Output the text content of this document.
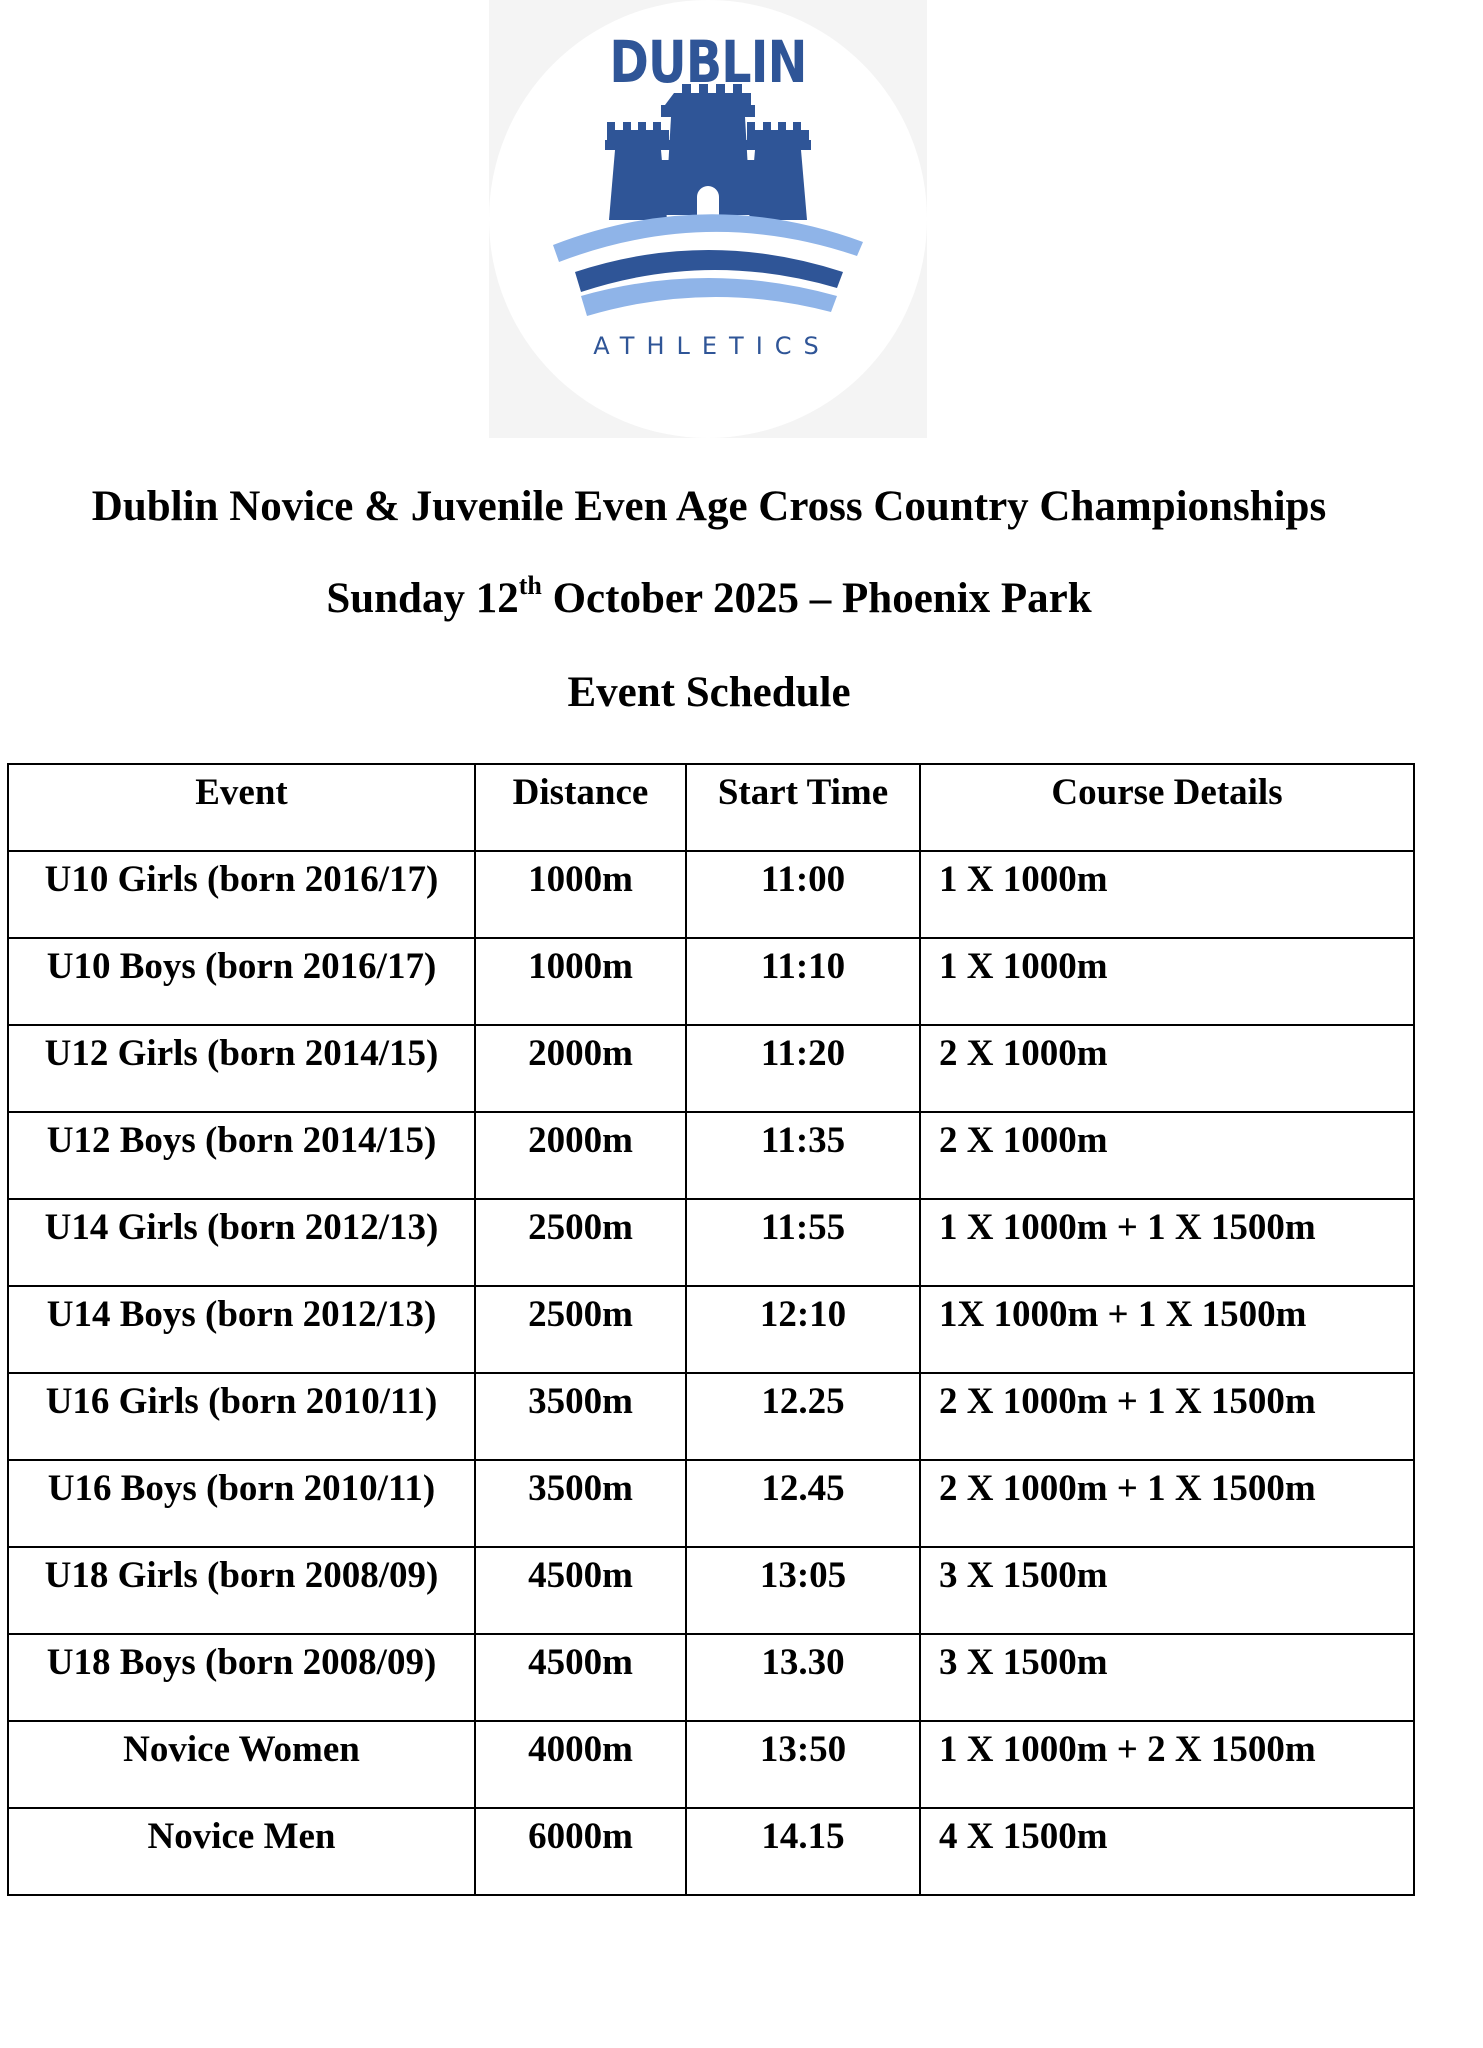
DUBLIN
ATHLETICS
Dublin Novice & Juvenile Even Age Cross Country Championships
Sunday 12th October 2025 – Phoenix Park
Event Schedule
Event	Distance	Start Time	Course Details

U10 Girls (born 2016/17)	1000m	11:00	1 X 1000m

U10 Boys (born 2016/17)	1000m	11:10	1 X 1000m

U12 Girls (born 2014/15)	2000m	11:20	2 X 1000m

U12 Boys (born 2014/15)	2000m	11:35	2 X 1000m

U14 Girls (born 2012/13)	2500m	11:55	1 X 1000m + 1 X 1500m

U14 Boys (born 2012/13)	2500m	12:10	1X 1000m + 1 X 1500m

U16 Girls (born 2010/11)	3500m	12.25	2 X 1000m + 1 X 1500m

U16 Boys (born 2010/11)	3500m	12.45	2 X 1000m + 1 X 1500m

U18 Girls (born 2008/09)	4500m	13:05	3 X 1500m

U18 Boys (born 2008/09)	4500m	13.30	3 X 1500m

Novice Women	4000m	13:50	1 X 1000m + 2 X 1500m

Novice Men	6000m	14.15	4 X 1500m
